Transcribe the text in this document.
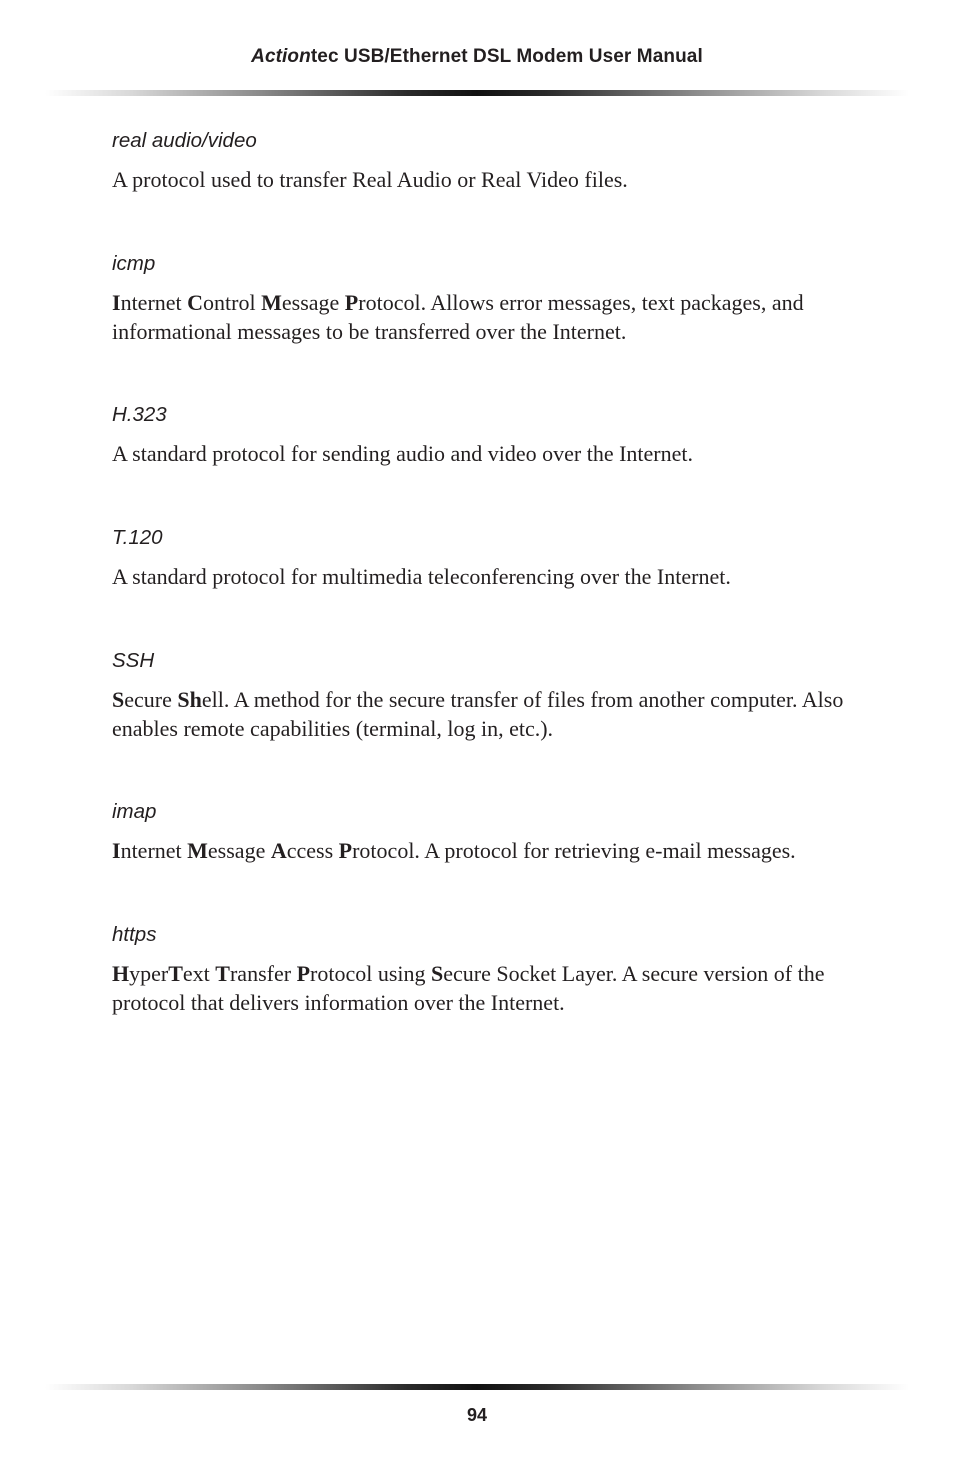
Actiontec USB/Ethernet DSL Modem User Manual

real audio/video

A protocol used to transfer Real Audio or Real Video files.

icmp

Internet Control Message Protocol. Allows error messages, text packages, and informational messages to be transferred over the Internet.

H.323

A standard protocol for sending audio and video over the Internet.

T.120

A standard protocol for multimedia teleconferencing over the Internet.

SSH

Secure Shell. A method for the secure transfer of files from another computer. Also enables remote capabilities (terminal, log in, etc.).

imap

Internet Message Access Protocol. A protocol for retrieving e-mail messages.

https

HyperText Transfer Protocol using Secure Socket Layer. A secure version of the protocol that delivers information over the Internet.

94
